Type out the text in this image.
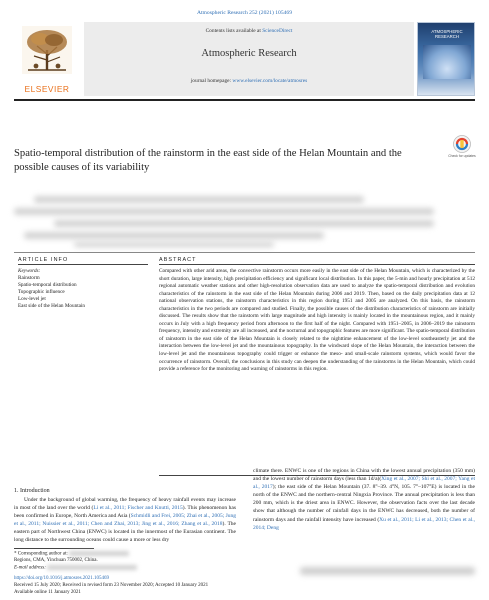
Atmospheric Research 252 (2021) 105469
ELSEVIER
Contents lists available at ScienceDirect
Atmospheric Research
journal homepage: www.elsevier.com/locate/atmosres
ATMOSPHERIC RESEARCH
Spatio-temporal distribution of the rainstorm in the east side of the Helan Mountain and the possible causes of its variability
Check for updates
ARTICLE INFO	ABSTRACT
Keywords:
Rainstorm
Spatio-temporal distribution
Topographic influence
Low-level jet
East side of the Helan Mountain
Compared with other arid areas, the convective rainstorm occurs more easily in the east side of the Helan Mountain, which is characterized by the short duration, large intensity, high precipitation efficiency and significant local distribution. In this paper, the 5-min and hourly precipitation at 512 regional automatic weather stations and other high-resolution observation data are used to analyze the spatio-temporal distribution and evolution characteristics of the rainstorm in the east side of the Helan Mountain during 2006 and 2019. Then, based on the daily precipitation data at 12 national observation stations, the rainstorm characteristics in this region during 1951 and 2005 are analyzed. On this basis, the rainstorm characteristics in the two periods are compared and studied. Finally, the possible causes of the distribution characteristics of rainstorm are initially discussed. The results show that the rainstorm with large magnitude and high intensity is mainly located in the mountainous region, and it mainly occurs in July with a high frequency period from afternoon to the first half of the night. Compared with 1951–2005, in 2006–2019 the rainstorm frequency, intensity and extremity are all increased, and the nocturnal and topographic features are more significant. The spatio-temporal distribution of rainstorm in the east side of the Helan Mountain is closely related to the nighttime enhancement of the low-level southeasterly jet and the interaction between the low-level jet and the mountainous topography. In the windward slope of the Helan Mountain, the interaction between the low-level jet and the mountainous topography could trigger or enhance the meso- and small-scale rainstorm systems, which would favor the occurrence of rainstorm. Overall, the conclusions in this study can deepen the understanding of the rainstorms in the Helan Mountain, which could provide a reference for the monitoring and warning of rainstorms in this region.
1. Introduction
Under the background of global warming, the frequency of heavy rainfall events may increase in most of the land over the world (Li et al., 2011; Fischer and Knutti, 2015). This phenomenon has been confirmed in Europe, North America and Asia (Schmidli and Frei, 2005; Zhai et al., 2005; Jung et al., 2011; Nuissier et al., 2011; Chen and Zhai, 2013; Jing et al., 2016; Zhang et al., 2018). The eastern part of Northwest China (ENWC) is located in the innermost of the Eurasian continent. The long distance to the surrounding oceans could cause a more or less dry
climate there. ENWC is one of the regions in China with the lowest annual precipitation (350 mm) and the lowest number of rainstorm days (less than 1d/a)(Xing et al., 2007; Shi et al., 2007; Yang et al., 2017); the east side of the Helan Mountain (37. 8°–39. 4°N, 105. 7°–107°E) is located in the north of the ENWC and the northern-central Ningxia Province. The annual precipitation is less than 200 mm, which is the driest area in ENWC. However, the observation facts over the last decade show that although the number of rainfall days in the ENWC has decreased, both the number of rainstorm days and the rainfall intensity have increased (Xu et al., 2011; Li et al., 2013; Chen et al., 2014; Deng
* Corresponding author at:
Regions, CMA, Yinchuan 750002, China.
E-mail address:
https://doi.org/10.1016/j.atmosres.2021.105469
Received 15 July 2020; Received in revised form 23 November 2020; Accepted 10 January 2021
Available online 11 January 2021
